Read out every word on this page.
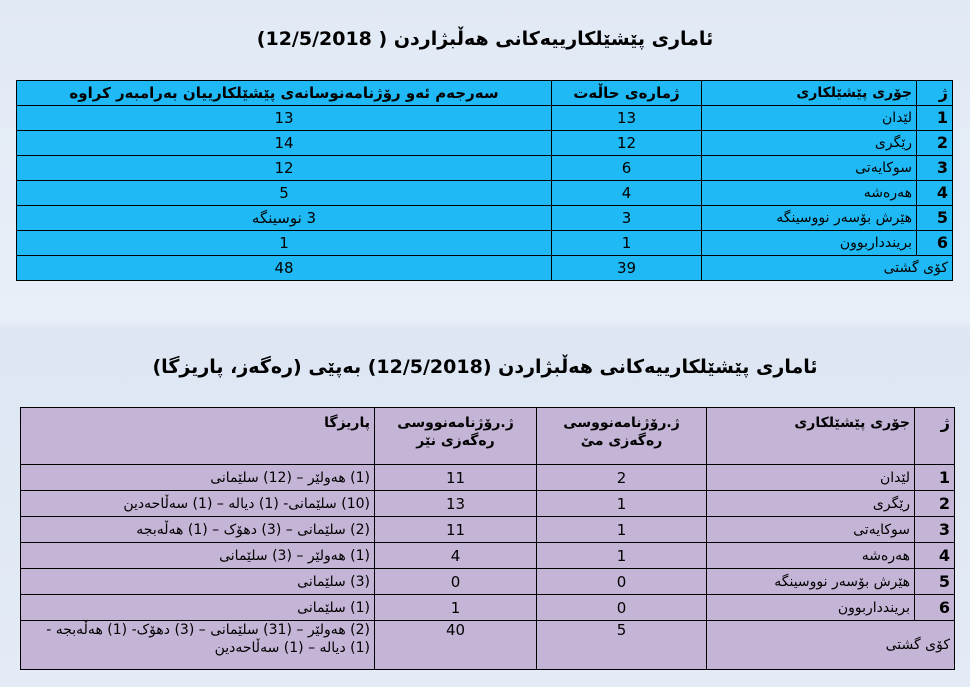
ئاماری پێشێلکارییەکانی هەڵبژاردن ( 12/5/2018)
ژ	جۆری پێشێلکاری	ژمارەی حاڵەت	سەرجەم ئەو رۆژنامەنوسانەی پێشێلکارییان بەرامبەر کراوە
1	لێدان	13	13
2	رێگری	12	14
3	سوکایەتی	6	12
4	هەرەشە	4	5
5	هێرش بۆسەر نووسینگە	3	3 نوسینگە
6	بریندداربوون	1	1
کۆی گشتی		39	48
ئاماری پێشێلکارییەکانی هەڵبژاردن (12/5/2018) بەپێی (رەگەز، پاریزگا)
ژ	جۆری پێشێلکاری	ژ.رۆژنامەنووسی رەگەزی مێ	ژ.رۆژنامەنووسی رەگەزی نێر	پاریزگا
1	لێدان	2	11	(1) هەولێر – (12) سلێمانی
2	رێگری	1	13	(10) سلێمانی- (1) دیالە – (1) سەڵاحەدین
3	سوکایەتی	1	11	(2) سلێمانی – (3) دهۆک – (1) هەڵەبجە
4	هەرەشە	1	4	(1) هەولێر – (3) سلێمانی
5	هێرش بۆسەر نووسینگە	0	0	(3) سلێمانی
6	بریندداربوون	0	1	(1) سلێمانی
کۆی گشتی		5	40	(2) هەولێر – (31) سلێمانی – (3) دهۆک- (1) هەڵەبجە - (1) دیالە – (1) سەڵاحەدین
